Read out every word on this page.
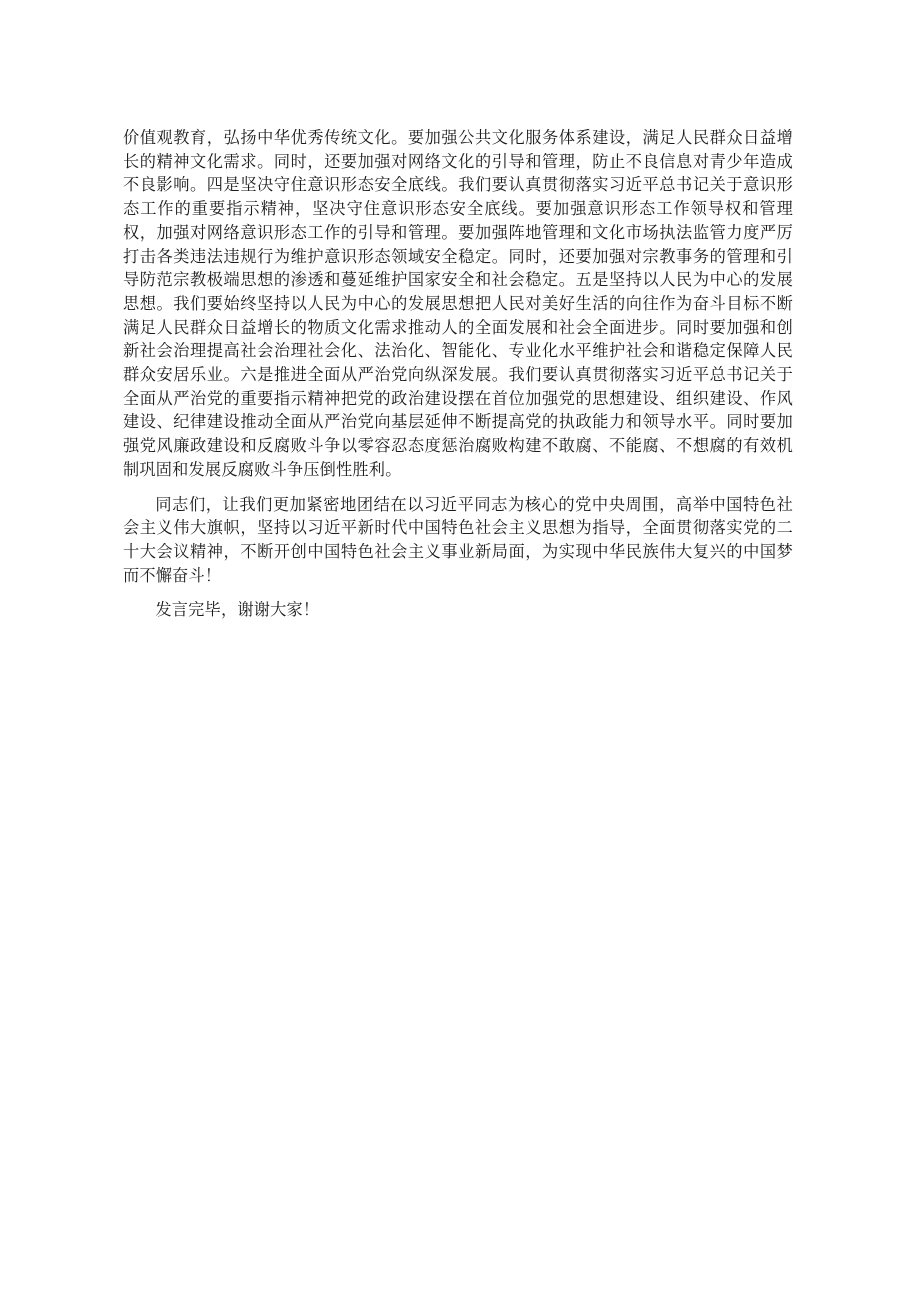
价值观教育，弘扬中华优秀传统文化。要加强公共文化服务体系建设，满足人民群众日益增长的精神文化需求。同时，还要加强对网络文化的引导和管理，防止不良信息对青少年造成不良影响。四是坚决守住意识形态安全底线。我们要认真贯彻落实习近平总书记关于意识形态工作的重要指示精神，坚决守住意识形态安全底线。要加强意识形态工作领导权和管理权，加强对网络意识形态工作的引导和管理。要加强阵地管理和文化市场执法监管力度严厉打击各类违法违规行为维护意识形态领域安全稳定。同时，还要加强对宗教事务的管理和引导防范宗教极端思想的渗透和蔓延维护国家安全和社会稳定。五是坚持以人民为中心的发展思想。我们要始终坚持以人民为中心的发展思想把人民对美好生活的向往作为奋斗目标不断满足人民群众日益增长的物质文化需求推动人的全面发展和社会全面进步。同时要加强和创新社会治理提高社会治理社会化、法治化、智能化、专业化水平维护社会和谐稳定保障人民群众安居乐业。六是推进全面从严治党向纵深发展。我们要认真贯彻落实习近平总书记关于全面从严治党的重要指示精神把党的政治建设摆在首位加强党的思想建设、组织建设、作风建设、纪律建设推动全面从严治党向基层延伸不断提高党的执政能力和领导水平。同时要加强党风廉政建设和反腐败斗争以零容忍态度惩治腐败构建不敢腐、不能腐、不想腐的有效机制巩固和发展反腐败斗争压倒性胜利。

同志们，让我们更加紧密地团结在以习近平同志为核心的党中央周围，高举中国特色社会主义伟大旗帜，坚持以习近平新时代中国特色社会主义思想为指导，全面贯彻落实党的二十大会议精神，不断开创中国特色社会主义事业新局面，为实现中华民族伟大复兴的中国梦而不懈奋斗！

发言完毕，谢谢大家！
